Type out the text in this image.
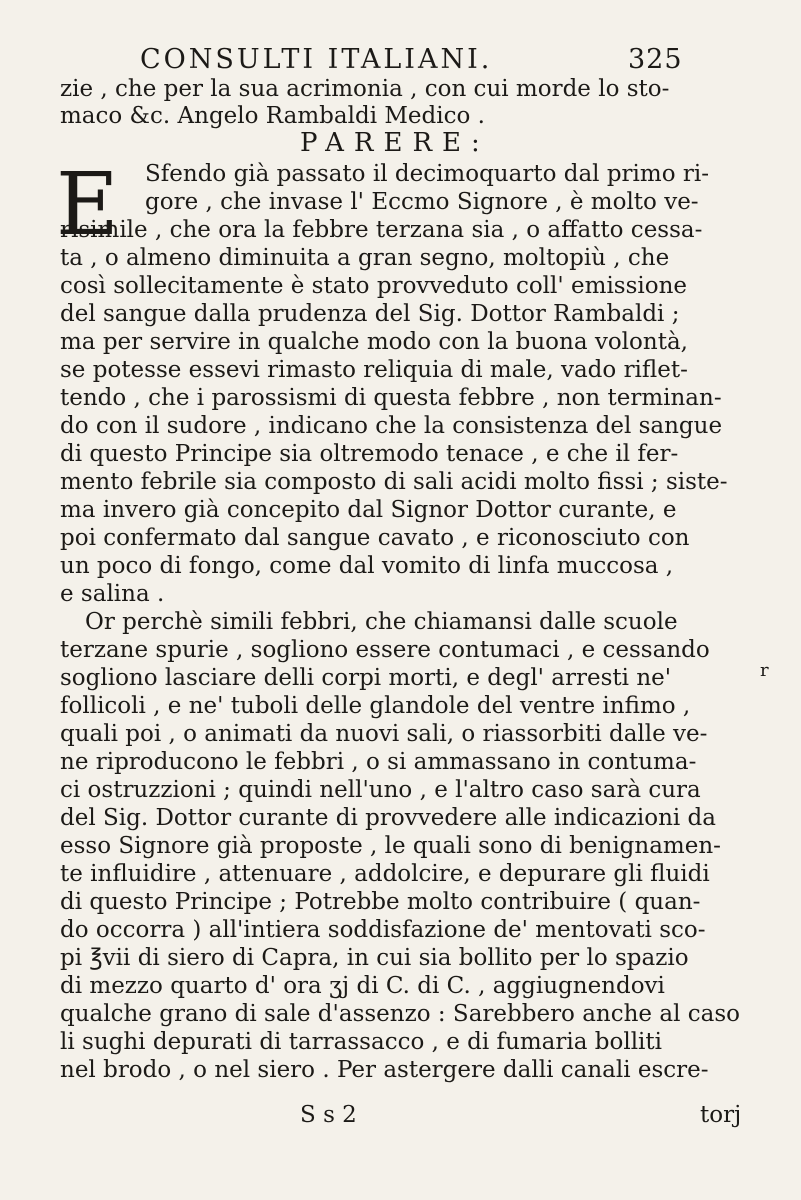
CONSULTI ITALIANI.	325
PARERE:
E
r
zie , che per la sua acrimonia , con cui morde lo sto-
maco &c. Angelo Rambaldi Medico .
Sfendo già passato il decimoquarto dal primo ri-
gore , che invase l' Eccmo Signore , è molto ve-
risimile , che ora la febbre terzana sia , o affatto cessa-
ta , o almeno diminuita a gran segno, moltopiù , che
così sollecitamente è stato provveduto coll' emissione
del sangue dalla prudenza del Sig. Dottor Rambaldi ;
ma per servire in qualche modo con la buona volontà,
se potesse essevi rimasto reliquia di male, vado riflet-
tendo , che i parossismi di questa febbre , non terminan-
do con il sudore , indicano che la consistenza del sangue
di questo Principe sia oltremodo tenace , e che il fer-
mento febrile sia composto di sali acidi molto fissi ; siste-
ma invero già concepito dal Signor Dottor curante, e
poi confermato dal sangue cavato , e riconosciuto con
un poco di fongo, come dal vomito di linfa muccosa ,
e salina .
Or perchè simili febbri, che chiamansi dalle scuole
terzane spurie , sogliono essere contumaci , e cessando
sogliono lasciare delli corpi morti, e degl' arresti ne'
follicoli , e ne' tuboli delle glandole del ventre infimo ,
quali poi , o animati da nuovi sali, o riassorbiti dalle ve-
ne riproducono le febbri , o si ammassano in contuma-
ci ostruzzioni ; quindi nell'uno , e l'altro caso sarà cura
del Sig. Dottor curante di provvedere alle indicazioni da
esso Signore già proposte , le quali sono di benignamen-
te influidire , attenuare , addolcire, e depurare gli fluidi
di questo Principe ; Potrebbe molto contribuire ( quan-
do occorra ) all'intiera soddisfazione de' mentovati sco-
pi ℥vii di siero di Capra, in cui sia bollito per lo spazio
di mezzo quarto d' ora ʒj di C. di C. , aggiugnendovi
qualche grano di sale d'assenzo : Sarebbero anche al caso
li sughi depurati di tarrassacco , e di fumaria bolliti
nel brodo , o nel siero . Per astergere dalli canali escre-
S s 2	torj
